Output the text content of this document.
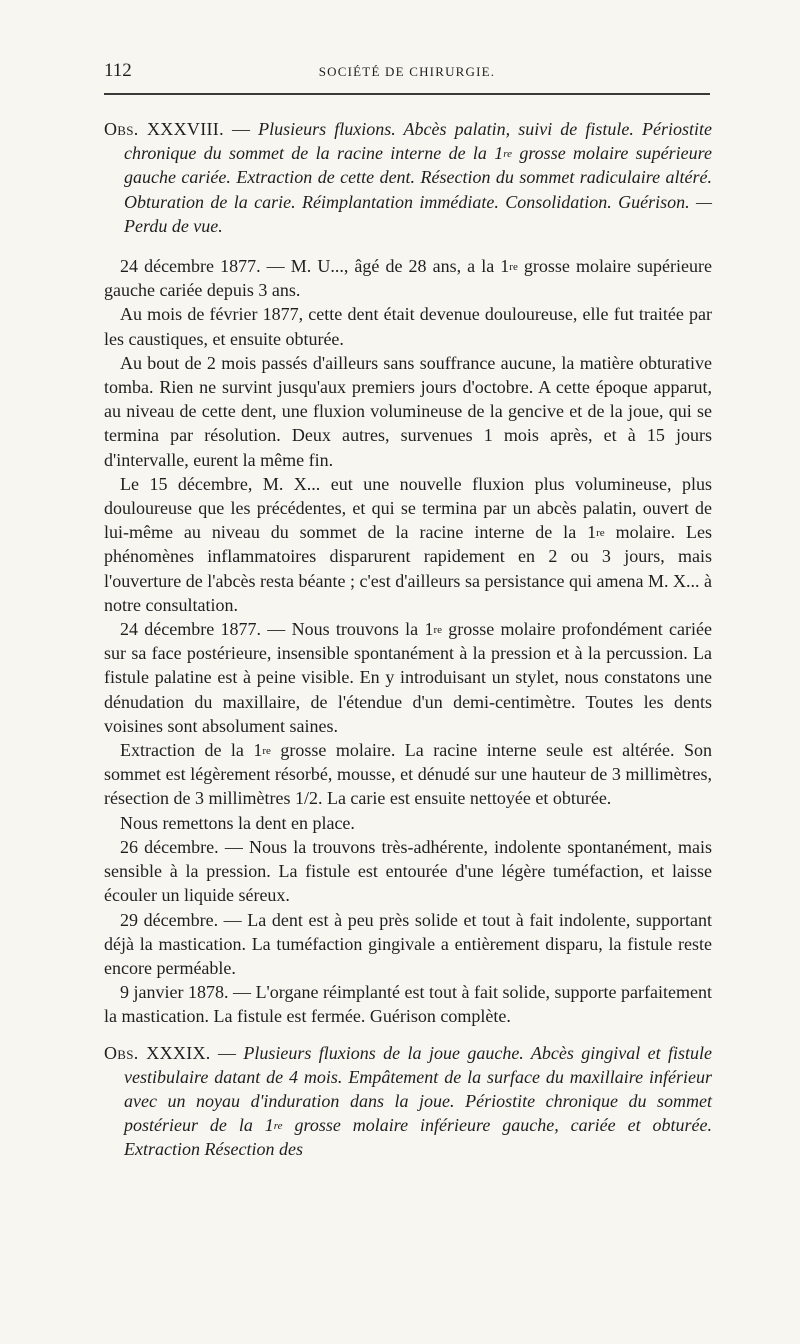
112	SOCIÉTÉ DE CHIRURGIE.

Obs. XXXVIII. — Plusieurs fluxions. Abcès palatin, suivi de fistule. Périostite chronique du sommet de la racine interne de la 1re grosse molaire supérieure gauche cariée. Extraction de cette dent. Résection du sommet radiculaire altéré. Obturation de la carie. Réimplantation immédiate. Consolidation. Guérison. — Perdu de vue.

24 décembre 1877. — M. U..., âgé de 28 ans, a la 1re grosse molaire supérieure gauche cariée depuis 3 ans.

Au mois de février 1877, cette dent était devenue douloureuse, elle fut traitée par les caustiques, et ensuite obturée.

Au bout de 2 mois passés d'ailleurs sans souffrance aucune, la matière obturative tomba. Rien ne survint jusqu'aux premiers jours d'octobre. A cette époque apparut, au niveau de cette dent, une fluxion volumineuse de la gencive et de la joue, qui se termina par résolution. Deux autres, survenues 1 mois après, et à 15 jours d'intervalle, eurent la même fin.

Le 15 décembre, M. X... eut une nouvelle fluxion plus volumineuse, plus douloureuse que les précédentes, et qui se termina par un abcès palatin, ouvert de lui-même au niveau du sommet de la racine interne de la 1re molaire. Les phénomènes inflammatoires disparurent rapidement en 2 ou 3 jours, mais l'ouverture de l'abcès resta béante ; c'est d'ailleurs sa persistance qui amena M. X... à notre consultation.

24 décembre 1877. — Nous trouvons la 1re grosse molaire profondément cariée sur sa face postérieure, insensible spontanément à la pression et à la percussion. La fistule palatine est à peine visible. En y introduisant un stylet, nous constatons une dénudation du maxillaire, de l'étendue d'un demi-centimètre. Toutes les dents voisines sont absolument saines.

Extraction de la 1re grosse molaire. La racine interne seule est altérée. Son sommet est légèrement résorbé, mousse, et dénudé sur une hauteur de 3 millimètres, résection de 3 millimètres 1/2. La carie est ensuite nettoyée et obturée.

Nous remettons la dent en place.

26 décembre. — Nous la trouvons très-adhérente, indolente spontanément, mais sensible à la pression. La fistule est entourée d'une légère tuméfaction, et laisse écouler un liquide séreux.

29 décembre. — La dent est à peu près solide et tout à fait indolente, supportant déjà la mastication. La tuméfaction gingivale a entièrement disparu, la fistule reste encore perméable.

9 janvier 1878. — L'organe réimplanté est tout à fait solide, supporte parfaitement la mastication. La fistule est fermée. Guérison complète.

Obs. XXXIX. — Plusieurs fluxions de la joue gauche. Abcès gingival et fistule vestibulaire datant de 4 mois. Empâtement de la surface du maxillaire inférieur avec un noyau d'induration dans la joue. Périostite chronique du sommet postérieur de la 1re grosse molaire inférieure gauche, cariée et obturée. Extraction Résection des
